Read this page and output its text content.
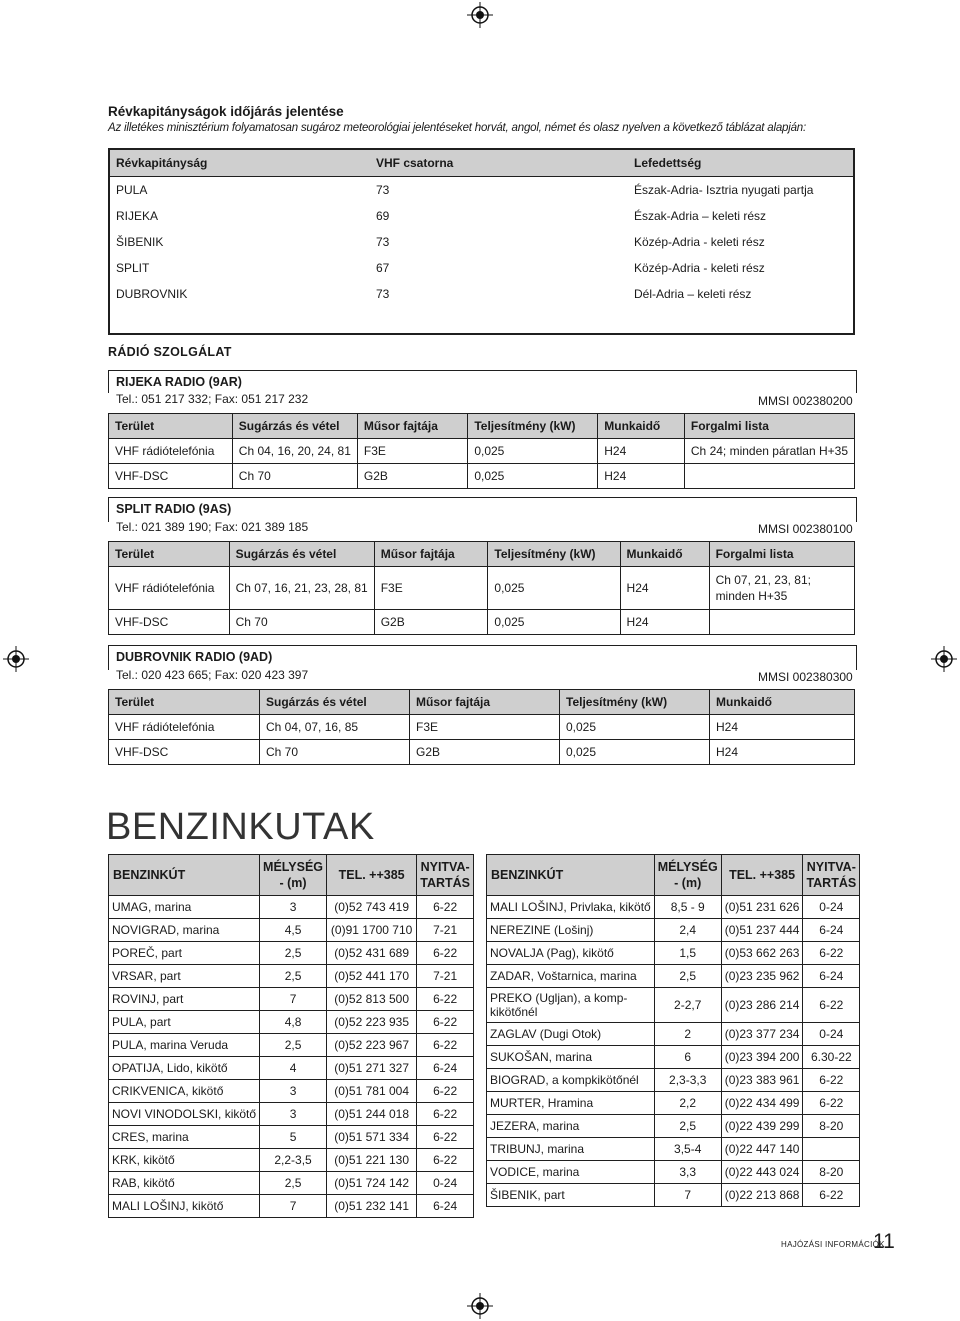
Révkapitányságok időjárás jelentése
Az illetékes minisztérium folyamatosan sugároz meteorológiai jelentéseket horvát, angol, német és olasz nyelven a következő táblázat alapján:
Révkapitányság	VHF csatorna	Lefedettség
PULA	73	Észak-Adria- Isztria nyugati partja
RIJEKA	69	Észak-Adria – keleti rész
ŠIBENIK	73	Közép-Adria - keleti rész
SPLIT	67	Közép-Adria - keleti rész
DUBROVNIK	73	Dél-Adria – keleti rész

RÁDIÓ SZOLGÁLAT
RIJEKA RADIO (9AR)
Tel.: 051 217 332; Fax: 051 217 232	MMSI 002380200
Terület	Sugárzás és vétel	Műsor fajtája	Teljesítmény (kW)	Munkaidő	Forgalmi lista
VHF rádiótelefónia	Ch 04, 16, 20, 24, 81	F3E	0,025	H24	Ch 24; minden páratlan H+35
VHF-DSC	Ch 70	G2B	0,025	H24	
SPLIT RADIO (9AS)
Tel.: 021 389 190; Fax: 021 389 185	MMSI 002380100
Terület	Sugárzás és vétel	Műsor fajtája	Teljesítmény (kW)	Munkaidő	Forgalmi lista
VHF rádiótelefónia	Ch 07, 16, 21, 23, 28, 81	F3E	0,025	H24	Ch 07, 21, 23, 81; minden H+35
VHF-DSC	Ch 70	G2B	0,025	H24	
DUBROVNIK RADIO (9AD)
Tel.: 020 423 665; Fax: 020 423 397	MMSI 002380300
Terület	Sugárzás és vétel	Műsor fajtája	Teljesítmény (kW)	Munkaidő
VHF rádiótelefónia	Ch 04, 07, 16, 85	F3E	0,025	H24
VHF-DSC	Ch 70	G2B	0,025	H24
BENZINKUTAK
BENZINKÚT	MÉLYSÉG - (m)	TEL. ++385	NYITVA-TARTÁS
UMAG, marina	3	(0)52 743 419	6-22
NOVIGRAD, marina	4,5	(0)91 1700 710	7-21
POREČ, part	2,5	(0)52 431 689	6-22
VRSAR, part	2,5	(0)52 441 170	7-21
ROVINJ, part	7	(0)52 813 500	6-22
PULA, part	4,8	(0)52 223 935	6-22
PULA, marina Veruda	2,5	(0)52 223 967	6-22
OPATIJA, Lido, kikötő	4	(0)51 271 327	6-24
CRIKVENICA, kikötő	3	(0)51 781 004	6-22
NOVI VINODOLSKI, kikötő	3	(0)51 244 018	6-22
CRES, marina	5	(0)51 571 334	6-22
KRK, kikötő	2,2-3,5	(0)51 221 130	6-22
RAB, kikötő	2,5	(0)51 724 142	0-24
MALI LOŠINJ, kikötő	7	(0)51 232 141	6-24
BENZINKÚT	MÉLYSÉG - (m)	TEL. ++385	NYITVA-TARTÁS
MALI LOŠINJ, Privlaka, kikötő	8,5 - 9	(0)51 231 626	0-24
NEREZINE (Lošinj)	2,4	(0)51 237 444	6-24
NOVALJA (Pag), kikötő	1,5	(0)53 662 263	6-22
ZADAR, Voštarnica, marina	2,5	(0)23 235 962	6-24
PREKO (Ugljan), a komp-kikötőnél	2-2,7	(0)23 286 214	6-22
ZAGLAV (Dugi Otok)	2	(0)23 377 234	0-24
SUKOŠAN, marina	6	(0)23 394 200	6.30-22
BIOGRAD, a kompkikötőnél	2,3-3,3	(0)23 383 961	6-22
MURTER, Hramina	2,2	(0)22 434 499	6-22
JEZERA, marina	2,5	(0)22 439 299	8-20
TRIBUNJ, marina	3,5-4	(0)22 447 140	
VODICE, marina	3,3	(0)22 443 024	8-20
ŠIBENIK, part	7	(0)22 213 868	6-22
HAJÓZÁSI INFORMÁCIÓK
11
